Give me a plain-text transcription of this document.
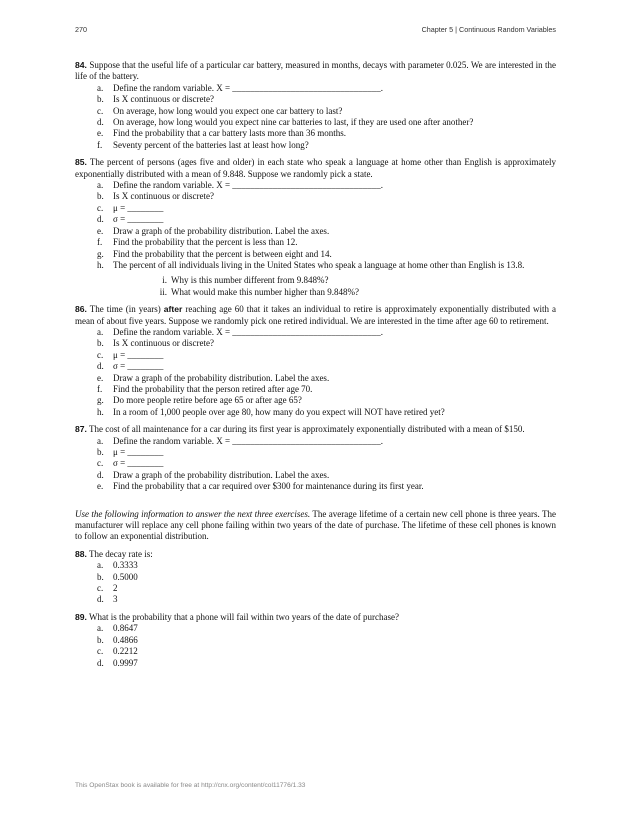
270	Chapter 5 | Continuous Random Variables
84. Suppose that the useful life of a particular car battery, measured in months, decays with parameter 0.025. We are interested in the life of the battery.
a. Define the random variable. X = _________________________________.
b. Is X continuous or discrete?
c. On average, how long would you expect one car battery to last?
d. On average, how long would you expect nine car batteries to last, if they are used one after another?
e. Find the probability that a car battery lasts more than 36 months.
f. Seventy percent of the batteries last at least how long?
85. The percent of persons (ages five and older) in each state who speak a language at home other than English is approximately exponentially distributed with a mean of 9.848. Suppose we randomly pick a state.
a. Define the random variable. X = _________________________________.
b. Is X continuous or discrete?
c. μ = ________
d. σ = ________
e. Draw a graph of the probability distribution. Label the axes.
f. Find the probability that the percent is less than 12.
g. Find the probability that the percent is between eight and 14.
h. The percent of all individuals living in the United States who speak a language at home other than English is 13.8.
i. Why is this number different from 9.848%?
ii. What would make this number higher than 9.848%?
86. The time (in years) after reaching age 60 that it takes an individual to retire is approximately exponentially distributed with a mean of about five years. Suppose we randomly pick one retired individual. We are interested in the time after age 60 to retirement.
a. Define the random variable. X = _________________________________.
b. Is X continuous or discrete?
c. μ = ________
d. σ = ________
e. Draw a graph of the probability distribution. Label the axes.
f. Find the probability that the person retired after age 70.
g. Do more people retire before age 65 or after age 65?
h. In a room of 1,000 people over age 80, how many do you expect will NOT have retired yet?
87. The cost of all maintenance for a car during its first year is approximately exponentially distributed with a mean of $150.
a. Define the random variable. X = _________________________________.
b. μ = ________
c. σ = ________
d. Draw a graph of the probability distribution. Label the axes.
e. Find the probability that a car required over $300 for maintenance during its first year.
Use the following information to answer the next three exercises. The average lifetime of a certain new cell phone is three years. The manufacturer will replace any cell phone failing within two years of the date of purchase. The lifetime of these cell phones is known to follow an exponential distribution.
88. The decay rate is:
a. 0.3333
b. 0.5000
c. 2
d. 3
89. What is the probability that a phone will fail within two years of the date of purchase?
a. 0.8647
b. 0.4866
c. 0.2212
d. 0.9997
This OpenStax book is available for free at http://cnx.org/content/col11776/1.33
